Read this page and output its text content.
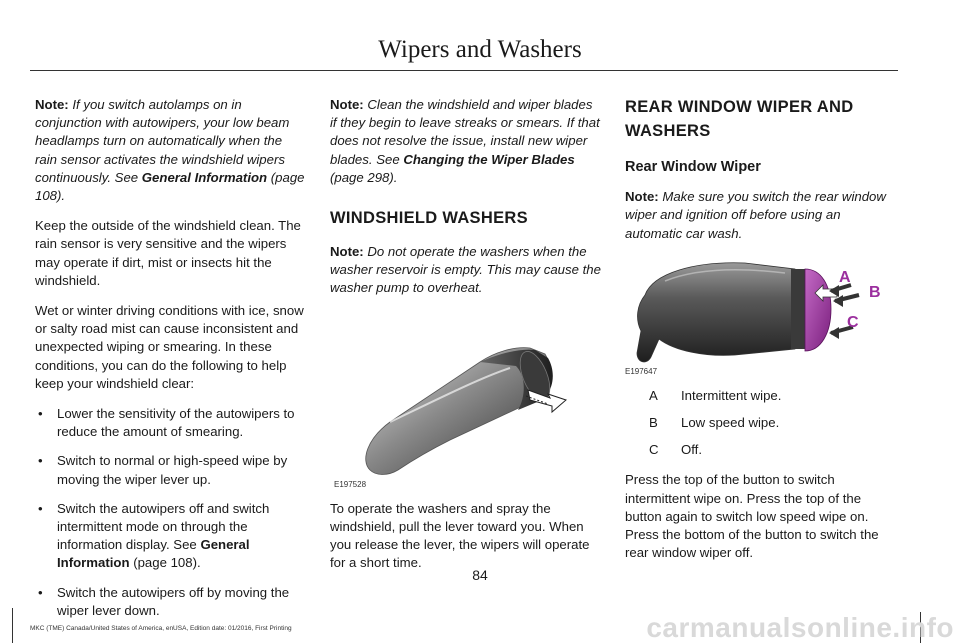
Wipers and Washers

Note: If you switch autolamps on in conjunction with autowipers, your low beam headlamps turn on automatically when the rain sensor activates the windshield wipers continuously. See General Information (page 108).

Keep the outside of the windshield clean. The rain sensor is very sensitive and the wipers may operate if dirt, mist or insects hit the windshield.

Wet or winter driving conditions with ice, snow or salty road mist can cause inconsistent and unexpected wiping or smearing. In these conditions, you can do the following to help keep your windshield clear:

• Lower the sensitivity of the autowipers to reduce the amount of smearing.
• Switch to normal or high-speed wipe by moving the wiper lever up.
• Switch the autowipers off and switch intermittent mode on through the information display. See General Information (page 108).
• Switch the autowipers off by moving the wiper lever down.

Note: Clean the windshield and wiper blades if they begin to leave streaks or smears. If that does not resolve the issue, install new wiper blades. See Changing the Wiper Blades (page 298).

WINDSHIELD WASHERS

Note: Do not operate the washers when the washer reservoir is empty. This may cause the washer pump to overheat.

E197528

To operate the washers and spray the windshield, pull the lever toward you. When you release the lever, the wipers will operate for a short time.

REAR WINDOW WIPER AND
WASHERS
Rear Window Wiper

Note: Make sure you switch the rear window wiper and ignition off before using an automatic car wash.

A
B
C
E197647
A	Intermittent wipe.
B	Low speed wipe.
C	Off.

Press the top of the button to switch intermittent wipe on. Press the top of the button again to switch low speed wipe on. Press the bottom of the button to switch the rear window wiper off.

84
MKC (TME) Canada/United States of America, enUSA, Edition date: 01/2016, First Printing	carmanualsonline.info
